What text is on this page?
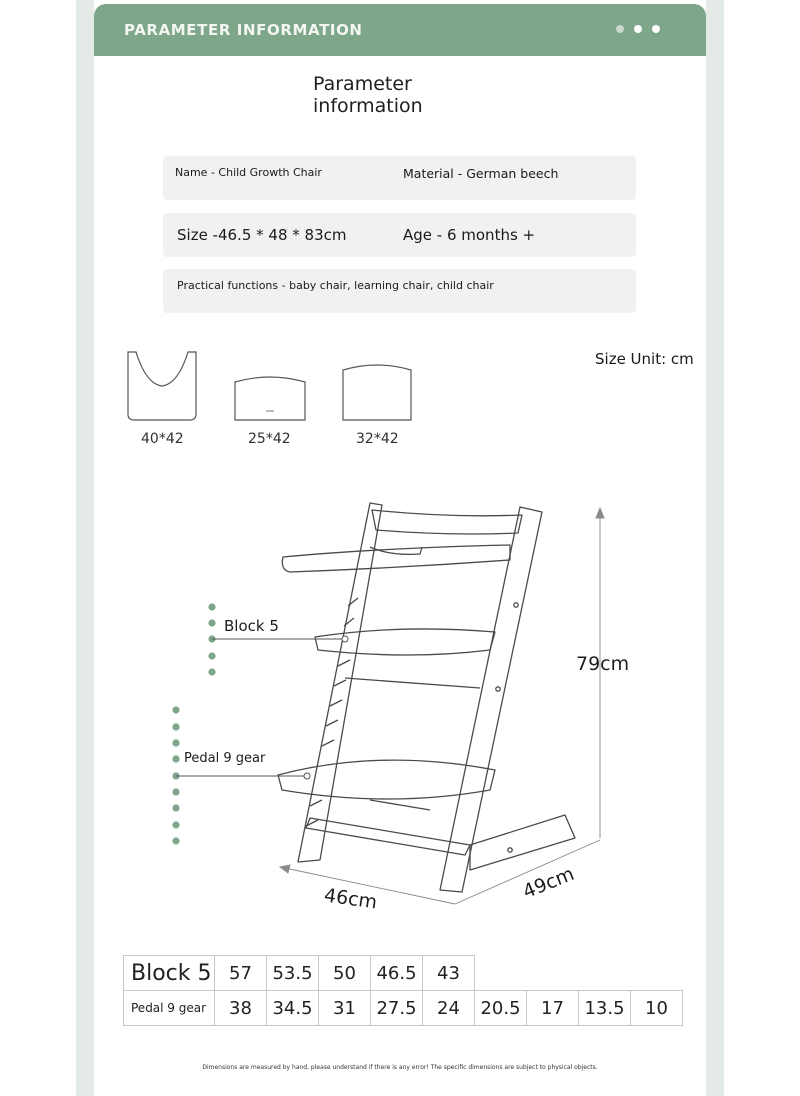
PARAMETER INFORMATION
Parameter
information
Name - Child Growth Chair	Material - German beech
Size -46.5 * 48 * 83cm	Age - 6 months +
Practical functions - baby chair, learning chair, child chair
Size Unit: cm
40*42	25*42	32*42
Block 5
Pedal 9 gear
79cm
46cm	49cm
Block 5	57	53.5	50	46.5	43				
Pedal 9 gear	38	34.5	31	27.5	24	20.5	17	13.5	10
Dimensions are measured by hand, please understand if there is any error! The specific dimensions are subject to physical objects.
